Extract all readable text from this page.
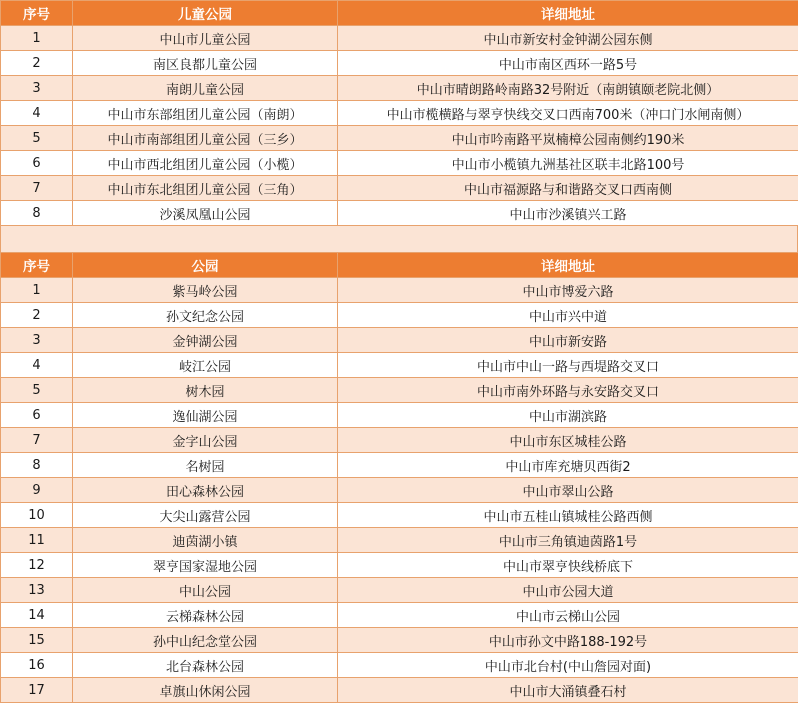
序号	儿童公园	详细地址
1	中山市儿童公园	中山市新安村金钟湖公园东侧
2	南区良都儿童公园	中山市南区西环一路5号
3	南朗儿童公园	中山市晴朗路岭南路32号附近（南朗镇颐老院北侧）
4	中山市东部组团儿童公园（南朗）	中山市榄横路与翠亨快线交叉口西南700米（冲口门水闸南侧）
5	中山市南部组团儿童公园（三乡）	中山市吟南路平岚楠樟公园南侧约190米
6	中山市西北组团儿童公园（小榄）	中山市小榄镇九洲基社区联丰北路100号
7	中山市东北组团儿童公园（三角）	中山市福源路与和谐路交叉口西南侧
8	沙溪凤凰山公园	中山市沙溪镇兴工路
序号	公园	详细地址
1	紫马岭公园	中山市博爱六路
2	孙文纪念公园	中山市兴中道
3	金钟湖公园	中山市新安路
4	岐江公园	中山市中山一路与西堤路交叉口
5	树木园	中山市南外环路与永安路交叉口
6	逸仙湖公园	中山市湖滨路
7	金字山公园	中山市东区城桂公路
8	名树园	中山市库充塘贝西街2
9	田心森林公园	中山市翠山公路
10	大尖山露营公园	中山市五桂山镇城桂公路西侧
11	迪茵湖小镇	中山市三角镇迪茵路1号
12	翠亨国家湿地公园	中山市翠亨快线桥底下
13	中山公园	中山市公园大道
14	云梯森林公园	中山市云梯山公园
15	孙中山纪念堂公园	中山市孙文中路188-192号
16	北台森林公园	中山市北台村(中山詹园对面)
17	卓旗山休闲公园	中山市大涌镇叠石村
